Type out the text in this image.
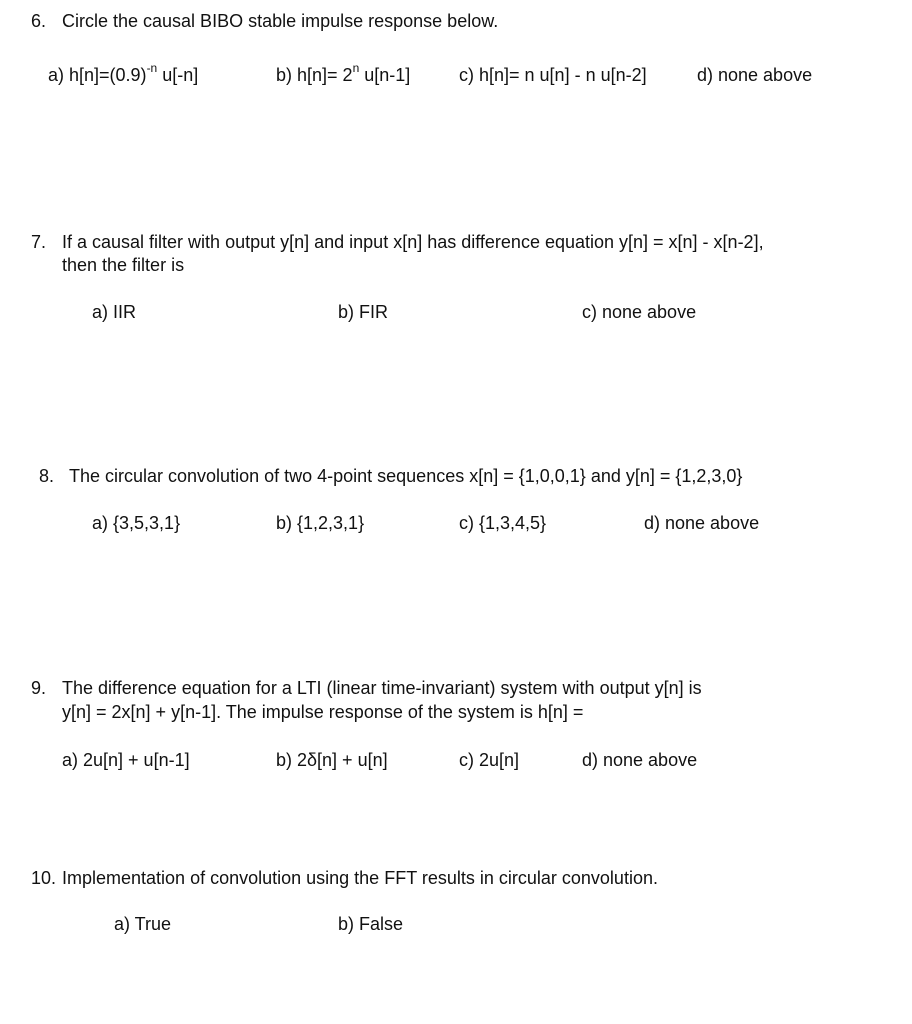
6. Circle the causal BIBO stable impulse response below.
a) $h[n]=(0.9)^{-n}$ u[-n]	b) $h[n]= 2^n$ u[n-1]	c) h[n]= n u[n] - n u[n-2]	d) none above
7. If a causal filter with output y[n] and input x[n] has difference equation y[n] = x[n] - x[n-2],
then the filter is
a) IIR	b) FIR	c) none above
8. The circular convolution of two 4-point sequences x[n] = {1,0,0,1} and y[n] = {1,2,3,0}
a) {3,5,3,1}	b) {1,2,3,1}	c) {1,3,4,5}	d) none above
9. The difference equation for a LTI (linear time-invariant) system with output y[n] is
y[n] = 2x[n] + y[n-1]. The impulse response of the system is h[n] =
a) 2u[n] + u[n-1]	b) 2δ[n] + u[n]	c) 2u[n]	d) none above
10. Implementation of convolution using the FFT results in circular convolution.
a) True	b) False
